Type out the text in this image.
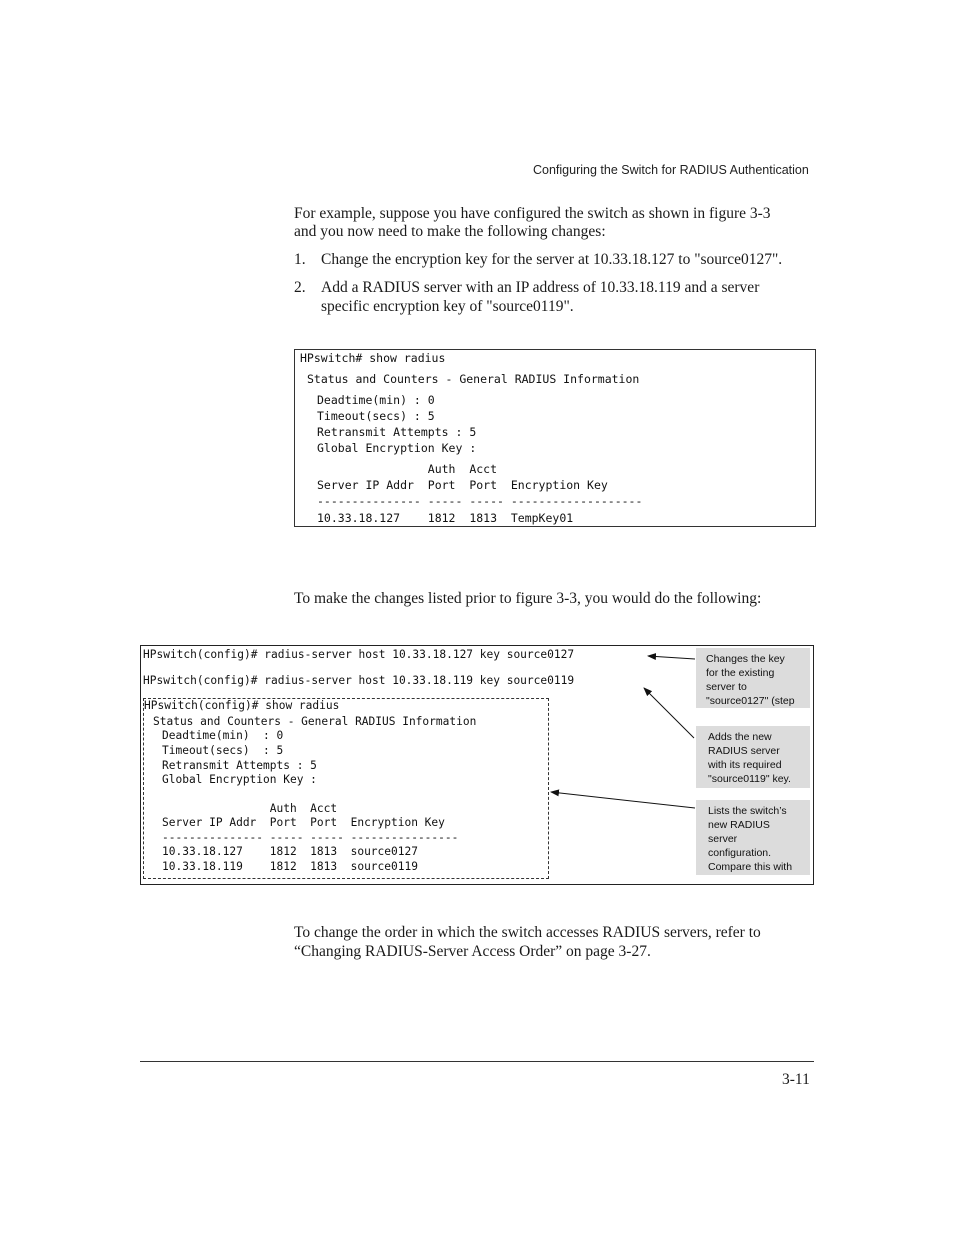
Configuring the Switch for RADIUS Authentication
For example, suppose you have configured the switch as shown in figure 3-3
and you now need to make the following changes:
1. Change the encryption key for the server at 10.33.18.127 to "source0127".
2. Add a RADIUS server with an IP address of 10.33.18.119 and a server
specific encryption key of "source0119".
HPswitch# show radius
Status and Counters - General RADIUS Information
Deadtime(min) : 0
Timeout(secs) : 5
Retransmit Attempts : 5
Global Encryption Key :
Auth  Acct
Server IP Addr  Port  Port  Encryption Key
--------------- ----- ----- -------------------
10.33.18.127    1812  1813  TempKey01
To make the changes listed prior to figure 3-3, you would do the following:
HPswitch(config)# radius-server host 10.33.18.127 key source0127
HPswitch(config)# radius-server host 10.33.18.119 key source0119
HPswitch(config)# show radius
Status and Counters - General RADIUS Information
Deadtime(min)  : 0
Timeout(secs)  : 5
Retransmit Attempts : 5
Global Encryption Key :
Auth  Acct
Server IP Addr  Port  Port  Encryption Key
--------------- ----- ----- ----------------
10.33.18.127    1812  1813  source0127
10.33.18.119    1812  1813  source0119
Changes the key
for the existing
server to
"source0127" (step
Adds the new
RADIUS server
with its required
"source0119" key.
Lists the switch’s
new RADIUS
server
configuration.
Compare this with
To change the order in which the switch accesses RADIUS servers, refer to
“Changing RADIUS-Server Access Order” on page 3-27.
3-11
